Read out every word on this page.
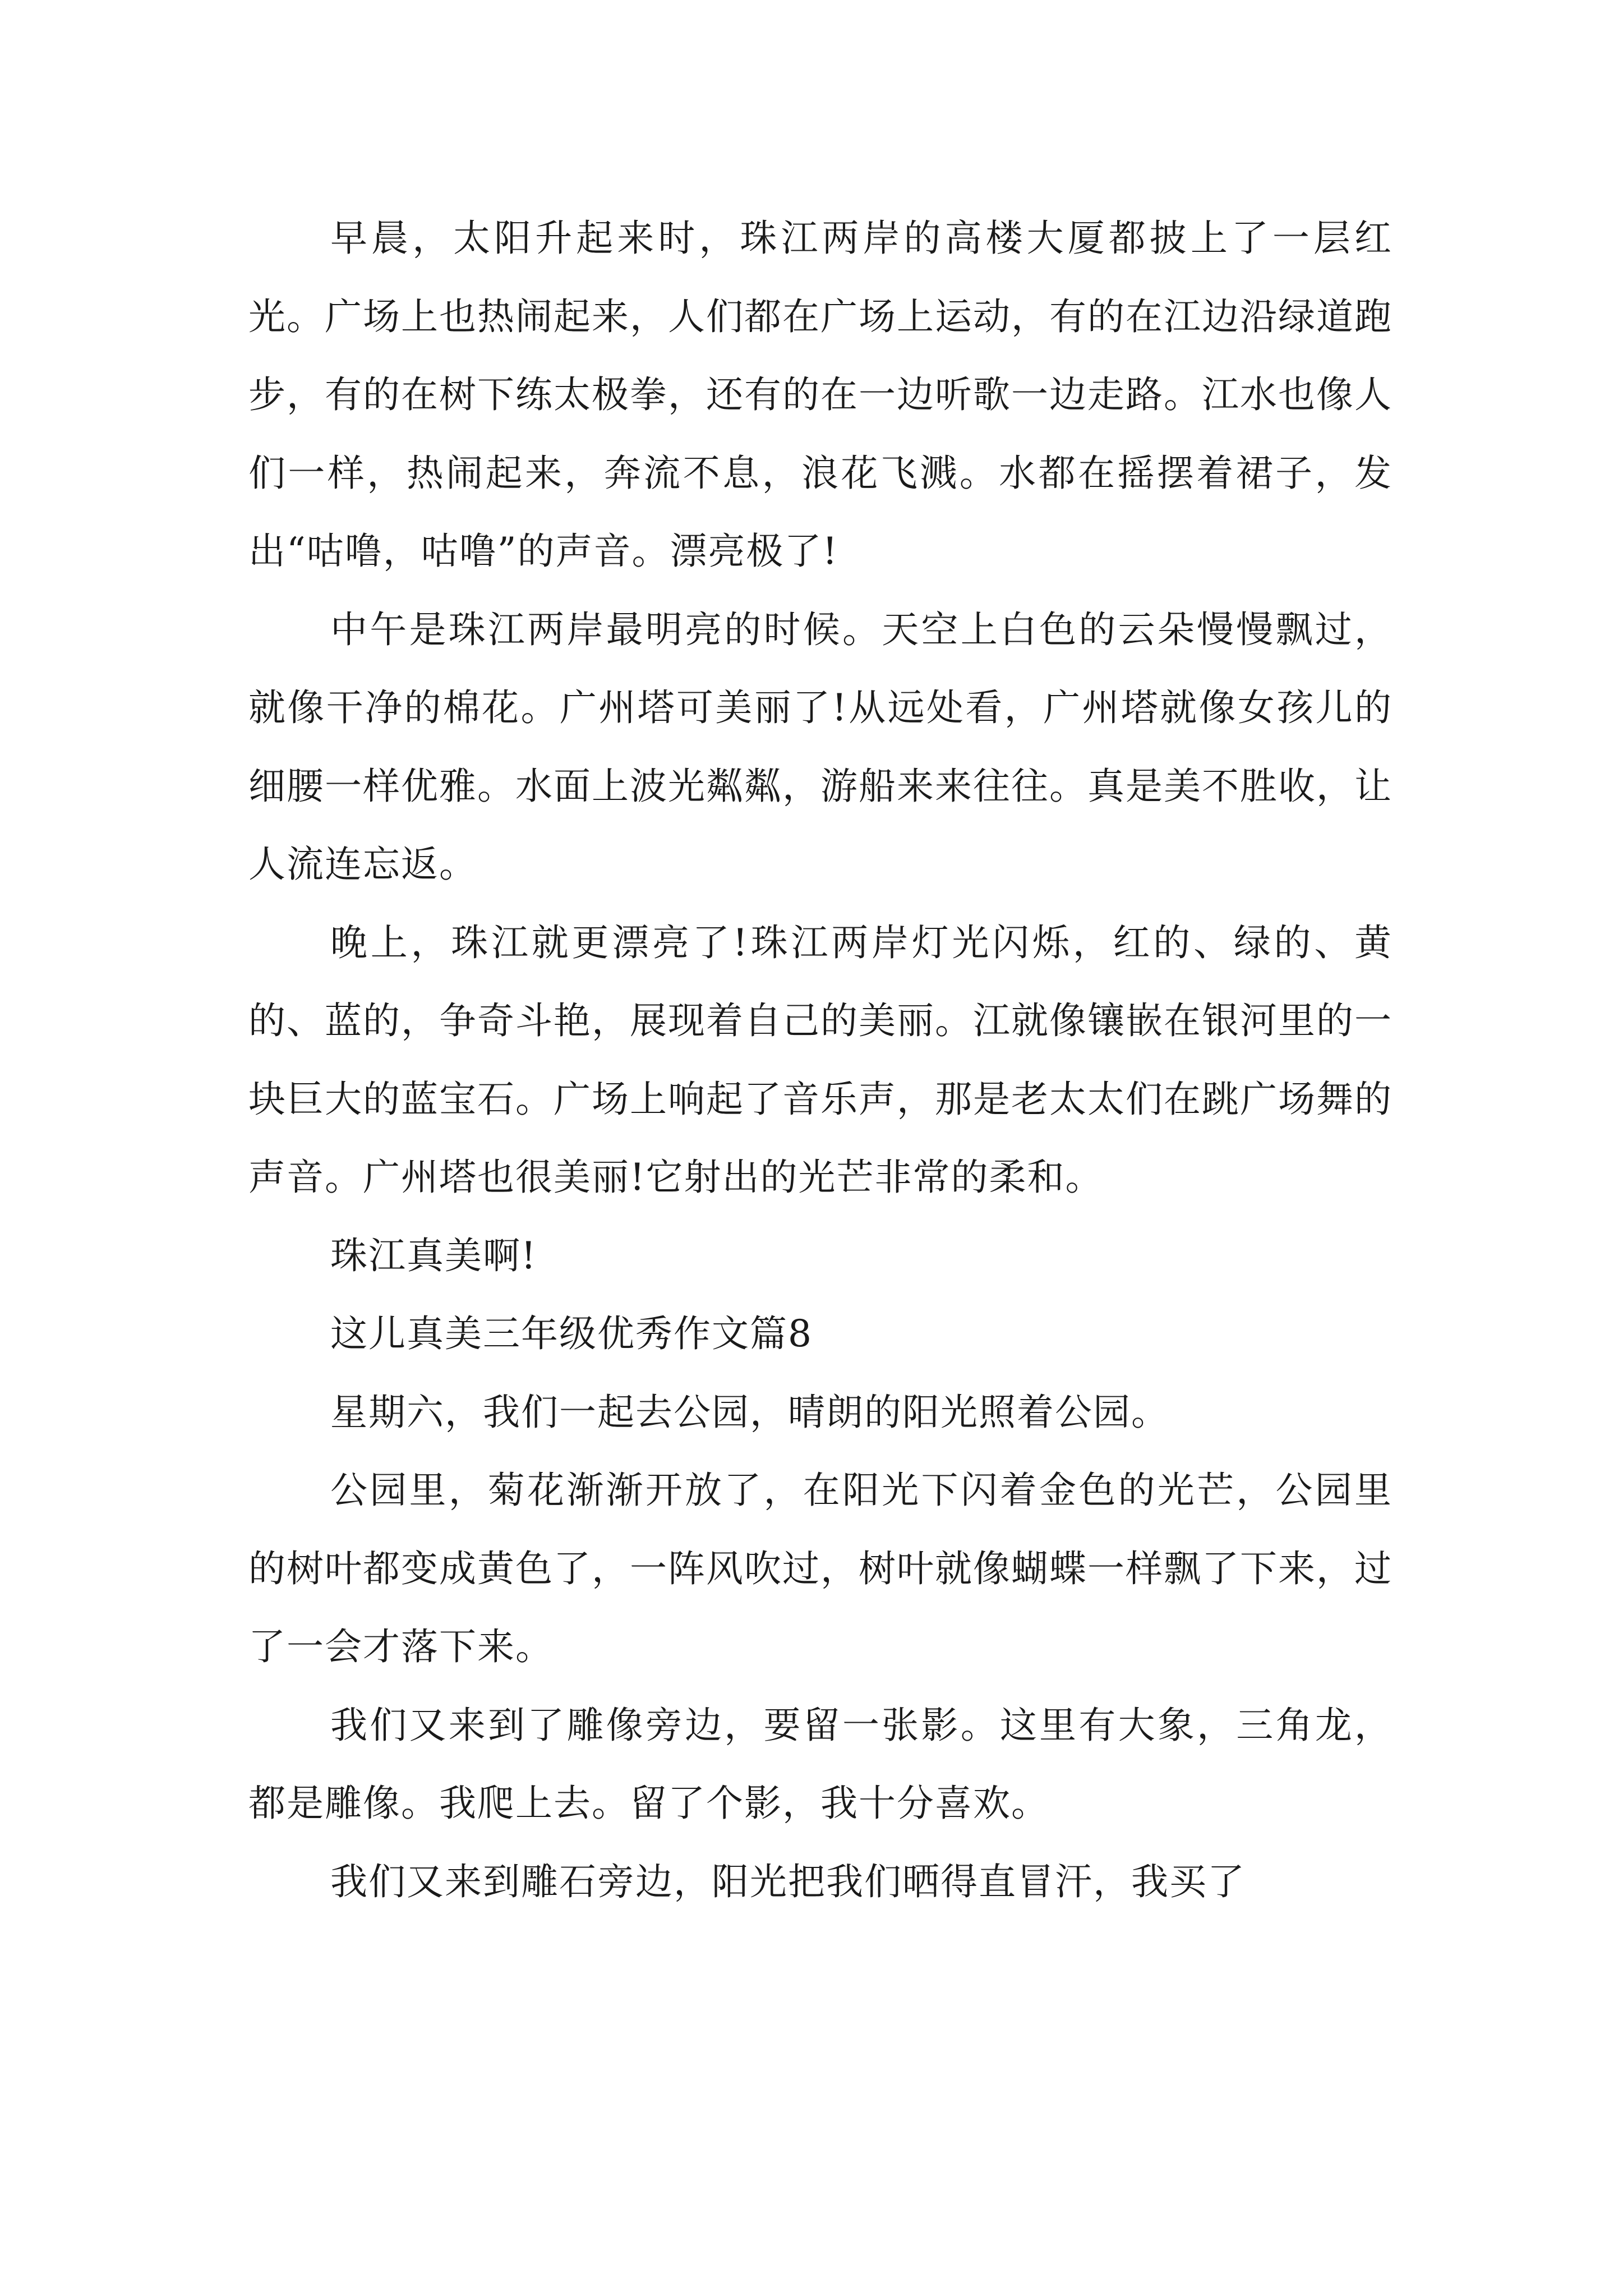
早晨，太阳升起来时，珠江两岸的高楼大厦都披上了一层红光。广场上也热闹起来，人们都在广场上运动，有的在江边沿绿道跑步，有的在树下练太极拳，还有的在一边听歌一边走路。江水也像人们一样，热闹起来，奔流不息，浪花飞溅。水都在摇摆着裙子，发出“咕噜，咕噜”的声音。漂亮极了!

中午是珠江两岸最明亮的时候。天空上白色的云朵慢慢飘过，就像干净的棉花。广州塔可美丽了!从远处看，广州塔就像女孩儿的细腰一样优雅。水面上波光粼粼，游船来来往往。真是美不胜收，让人流连忘返。

晚上，珠江就更漂亮了!珠江两岸灯光闪烁，红的、绿的、黄的、蓝的，争奇斗艳，展现着自己的美丽。江就像镶嵌在银河里的一块巨大的蓝宝石。广场上响起了音乐声，那是老太太们在跳广场舞的声音。广州塔也很美丽!它射出的光芒非常的柔和。

珠江真美啊!

这儿真美三年级优秀作文篇8

星期六，我们一起去公园，晴朗的阳光照着公园。

公园里，菊花渐渐开放了，在阳光下闪着金色的光芒，公园里的树叶都变成黄色了，一阵风吹过，树叶就像蝴蝶一样飘了下来，过了一会才落下来。

我们又来到了雕像旁边，要留一张影。这里有大象，三角龙，都是雕像。我爬上去。留了个影，我十分喜欢。

我们又来到雕石旁边，阳光把我们晒得直冒汗，我买了
